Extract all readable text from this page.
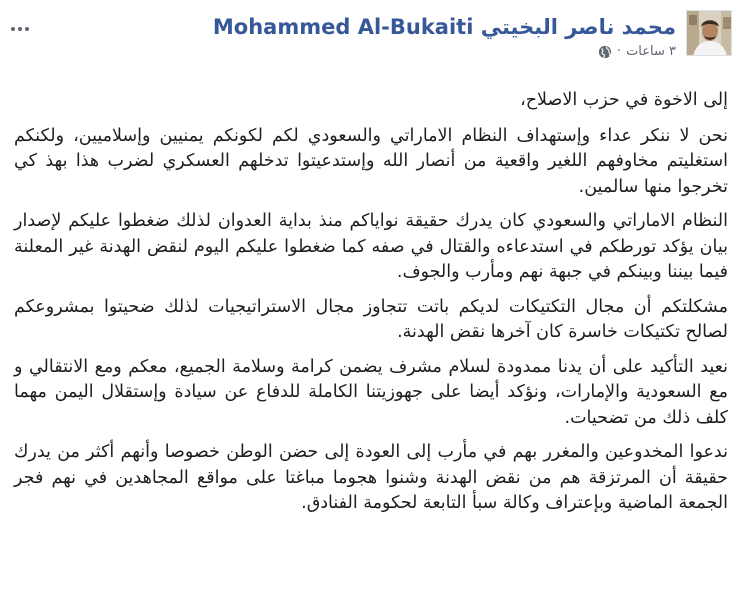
محمد ناصر البخيتي Mohammed Al-Bukaiti
٣ ساعات
·

إلى الاخوة في حزب الاصلاح،

نحن لا ننكر عداء وإستهداف النظام الاماراتي والسعودي لكم لكونكم يمنيين وإسلاميين، ولكنكم استغليتم مخاوفهم اللغير واقعية من أنصار الله وإستدعيتوا تدخلهم العسكري لضرب هذا بهذ كي تخرجوا منها سالمين.

النظام الاماراتي والسعودي كان يدرك حقيقة نواياكم منذ بداية العدوان لذلك ضغطوا عليكم لإصدار بيان يؤكد تورطكم في استدعاءه والقتال في صفه كما ضغطوا عليكم اليوم لنقض الهدنة غير المعلنة فيما بيننا وبينكم في جبهة نهم ومأرب والجوف.

مشكلتكم أن مجال التكتيكات لديكم باتت تتجاوز مجال الاستراتيجيات لذلك ضحيتوا بمشروعكم لصالح تكتيكات خاسرة كان آخرها نقض الهدنة.

نعيد التأكيد على أن يدنا ممدودة لسلام مشرف يضمن كرامة وسلامة الجميع، معكم ومع الانتقالي و مع السعودية والإمارات، ونؤكد أيضا على جهوزيتنا الكاملة للدفاع عن سيادة وإستقلال اليمن مهما كلف ذلك من تضحيات.

ندعوا المخدوعين والمغرر بهم في مأرب إلى العودة إلى حضن الوطن خصوصا وأنهم أكثر من يدرك حقيقة أن المرتزقة هم من نقض الهدنة وشنوا هجوما مباغتا على مواقع المجاهدين في نهم فجر الجمعة الماضية وبإعتراف وكالة سبأ التابعة لحكومة الفنادق.
